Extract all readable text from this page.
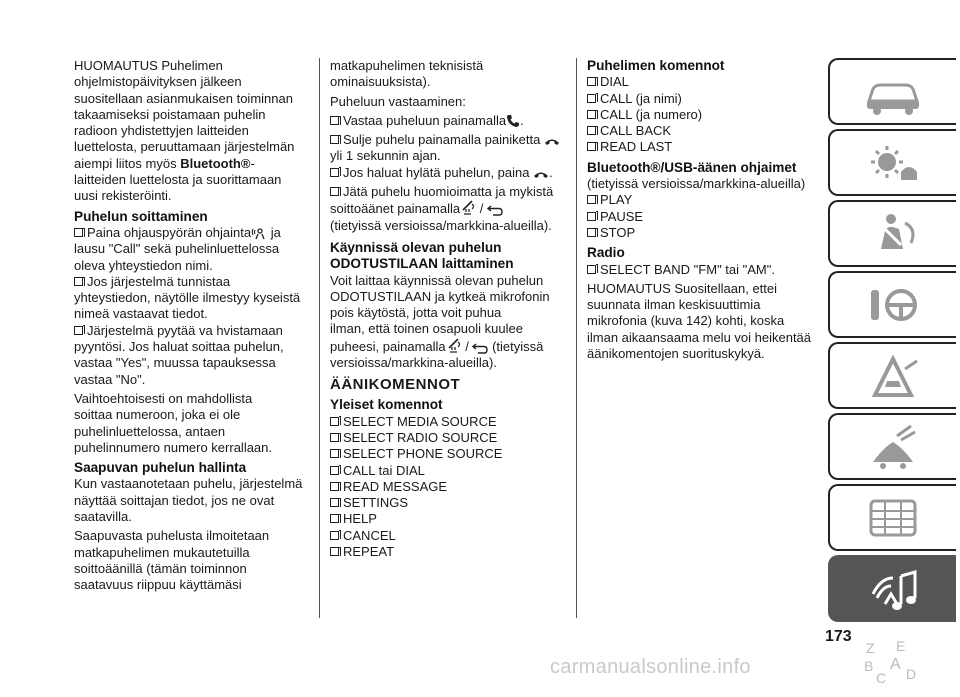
HUOMAUTUS Puhelimen

ohjelmistopäivityksen jälkeen

suositellaan asianmukaisen toiminnan

takaamiseksi poistamaan puhelin

radioon yhdistettyjen laitteiden

luettelosta, peruuttamaan järjestelmän

aiempi liitos myös Bluetooth®-

laitteiden luettelosta ja suorittamaan

uusi rekisteröinti.

Puhelun soittaminen
Paina ohjauspyörän ohjainta ja

lausu "Call" sekä puhelinluettelossa

oleva yhteystiedon nimi.

Jos järjestelmä tunnistaa

yhteystiedon, näytölle ilmestyy kyseistä

nimeä vastaavat tiedot.

Järjestelmä pyytää va hvistamaan

pyyntösi. Jos haluat soittaa puhelun,

vastaa "Yes", muussa tapauksessa

vastaa "No".

Vaihtoehtoisesti on mahdollista

soittaa numeroon, joka ei ole

puhelinluettelossa, antaen

puhelinnumero numero kerrallaan.

Saapuvan puhelun hallinta

Kun vastaanotetaan puhelu, järjestelmä

näyttää soittajan tiedot, jos ne ovat

saatavilla.

Saapuvasta puhelusta ilmoitetaan

matkapuhelimen mukautetuilla

soittoäänillä (tämän toiminnon

saatavuus riippuu käyttämäsi

matkapuhelimen teknisistä

ominaisuuksista).

Puheluun vastaaminen:

Vastaa puheluun painamalla .
Sulje puhelu painamalla painiketta

yli 1 sekunnin ajan.

Jos haluat hylätä puhelun, paina .
Jätä puhelu huomioimatta ja mykistä

soittoäänet painamalla /

(tietyissä versioissa/markkina-alueilla).

Käynnissä olevan puhelun
ODOTUSTILAAN laittaminen

Voit laittaa käynnissä olevan puhelun

ODOTUSTILAAN ja kytkeä mikrofonin

pois käytöstä, jotta voit puhua

ilman, että toinen osapuoli kuulee

puheesi, painamalla /  (tietyissä

versioissa/markkina-alueilla).

ÄÄNIKOMENNOT
Yleiset komennot
SELECT MEDIA SOURCE
SELECT RADIO SOURCE
SELECT PHONE SOURCE
CALL tai DIAL
READ MESSAGE
SETTINGS
HELP
CANCEL
REPEAT
Puhelimen komennot
DIAL
CALL (ja nimi)
CALL (ja numero)
CALL BACK
READ LAST
Bluetooth®/USB-äänen ohjaimet

(tietyissä versioissa/markkina-alueilla)

PLAY
PAUSE
STOP
Radio
SELECT BAND "FM" tai "AM".

HUOMAUTUS Suositellaan, ettei

suunnata ilman keskisuuttimia

mikrofonia (kuva 142) kohti, koska

ilman aikaansaama melu voi heikentää

äänikomentojen suorituskykyä.

Z E
B A
C D
173
carmanualsonline.info
